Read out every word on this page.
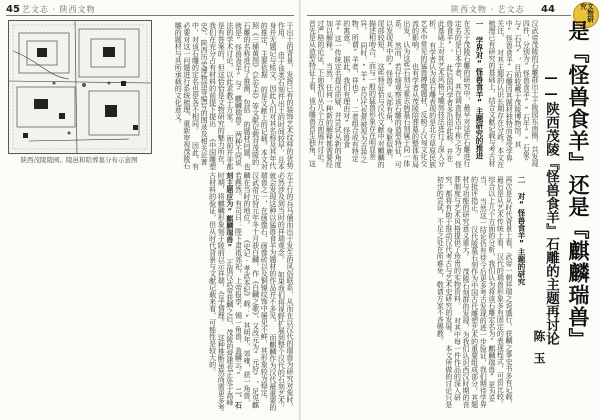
45 艺文志 · 陕西文物
陕西茂陵陵园、陵邑和陪葬墓分布示意图	于出土的背景，发挥已有的装饰艺术纹样的优势作用。 由于该类石刻件出土的时间较早，且本身并无题记与铭文，因此人们对其名称及其年代的推定，主要依据 的是文献上的记载。本文对照《三辅黄图》《长安志》等文献记载对茂陵的石雕的名称进行了推测，包括 的题材问题，也就是“怪兽食羊”与“麒麟瑞兽”两种不同说法的学术讨论，以此求教于方家。 面前并非都是有答案的，但这恰恰是文物研究的魅力所在，我们在充分占有材料的前提下提出 《中国雕塑史》、陕西历史博物馆等编写的图录及相关论著中，对该石雕的定名也是各不相同。 因此，有必要对这一问题进行系统梳理，重新审视茂陵石雕的题材与其所承载的文化意义。
左于行的兵马俑而出于发生的风俗联系，从而在以汉代的瑞兽为研究对象时，必然涉及到当时的祥瑞观念。 如果我们将视野扩展到整个汉代的石刻艺术，就会发现这种以猛兽食羊为题材的作品并不多见， 而麒麟作为汉代最重要的瑞兽之一，在画像石、画像砖以及铜镜纹饰中屡见不鲜，其形象较为稳定。 汉武帝元狩元年冬十月获白麟，作《白麟之歌》，又改元为“元狩”，足见麒麟在当时的地位。 《史记·孝武本纪》载：“其明年，郊雍，获一角兽，若麃然。有司曰：陛下肃祗郊祀，上帝报享，锡一角兽，盖麟云。” 二、石刻主题应为“麒麟瑞兽” 正值汉武帝获麟之后，茂陵的营建也正处于高峰时期，将麒麟形象刻于陵前以示祥瑞，合乎情理。 这种推断虽然尚需更多考古材料的验证，但从时代背景与文献记载来看，可能性是较大的。
陕西文物 · 艺文志 44	文物研究
是『怪兽食羊』还是『麒麟瑞兽』
——陕西茂陵『怪兽食羊』石雕的主题再讨论
陈玉
汉武帝茂陵的石雕群出土于陵园东南侧，共发现四件，分别为“怪兽食羊”“石牛”“石象” 与“石马”，目前收藏于茂陵博物馆。其中“怪兽食羊”石雕因其题材独特而备受学界关注， 对其主题的认识长期存在分歧。本文在梳理已有研究的基础上，结合文献记载与考古材
一 学界对“怪兽食羊”主题研究的推进
在关于茂陵石雕的研究中，最早对这件石雕进行定名的是日本学者，其在调查报告中称之为“怪兽食羊”。 此后国内学者多沿用此称，并在此基础上对其艺术风格与雕刻技法进行了深入分析。 有学者认为该石雕表现的是北方草原民族艺术中常见的猛兽搏噬题材，反映了汉匈文化交流的影响。 也有学者从茂陵陪葬墓的整体布局出发，认为这些石刻与霍去病墓石刻属于同一体系。 然而，若仔细观察该石雕的造型特征，可以发现其中的“怪兽”头部有角，身躯似鹿，尾部较短， 这些特征恰与汉代文献中对麒麟的描述相吻合，而与一般的猛兽形象存在明显差异。 同时，“羊”在汉代也常被视为吉祥之物，所谓“羊者，祥也”，二者组合或有特定的寓意。 据此，我们有理由对“怪兽食羊”这一传统定名提出质疑，并尝试从新的角度加以解释。 当然，任何一种新的解释都需要经过严格的论证，下面我们从几个方面展开讨论。 首先是从造型特征上看，该石雕兽首生独角，这
二 对“怪兽食羊”主题的研究
再次是从时代背景上看，武帝一朝祥瑞之说盛行，获麟之事史书多有记载， 最后是从艺术传统上看，汉代的瑞兽形象多有固定的表现程式，可资比较。 综合以上几个方面的分析，我们认为将该石雕定名为“麒麟瑞兽”更为妥当， 当然这一结论仍有待今后更多考古发现的进一步验证，我们期待学界的批评指正。 汉代陵墓石刻作为中国古代雕塑艺术的重要组成部分，其题材与功能的研究意义重大。 茂陵石刻群的发现，为我们认识西汉时期的丧葬制度与艺术风格提供了珍贵的实物资料。 对其中每一件作品的深入研究，都将有助于推动汉代考古与艺术史研究的发展。 本文所做的讨论只是初步的尝试，不足之处在所难免，敬请方家不吝赐教。
